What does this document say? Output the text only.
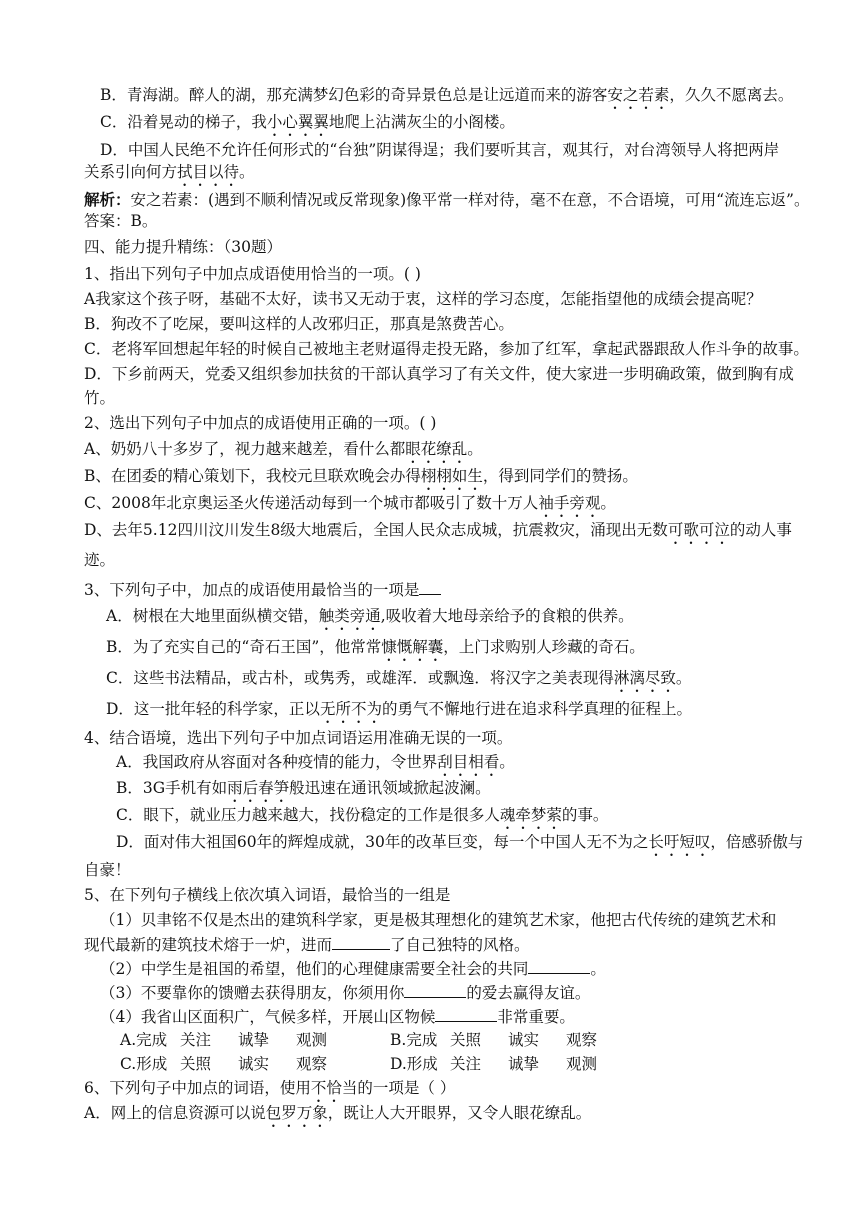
B．青海湖。醉人的湖，那充满梦幻色彩的奇异景色总是让远道而来的游客安之若素，久久不愿离去。
C．沿着晃动的梯子，我小心翼翼地爬上沾满灰尘的小阁楼。
D．中国人民绝不允许任何形式的“台独”阴谋得逞；我们要听其言，观其行，对台湾领导人将把两岸
关系引向何方拭目以待。
解析：安之若素：(遇到不顺利情况或反常现象)像平常一样对待，毫不在意，不合语境，可用“流连忘返”。
答案：B。
四、能力提升精练：（30题）
1、指出下列句子中加点成语使用恰当的一项。( )
A我家这个孩子呀，基础不太好，读书又无动于衷，这样的学习态度，怎能指望他的成绩会提高呢？
B．狗改不了吃屎，要叫这样的人改邪归正，那真是煞费苦心。
C．老将军回想起年轻的时候自己被地主老财逼得走投无路，参加了红军，拿起武器跟敌人作斗争的故事。
D．下乡前两天，党委又组织参加扶贫的干部认真学习了有关文件，使大家进一步明确政策，做到胸有成
竹。
2、选出下列句子中加点的成语使用正确的一项。( )
A、奶奶八十多岁了，视力越来越差，看什么都眼花缭乱。
B、在团委的精心策划下，我校元旦联欢晚会办得栩栩如生，得到同学们的赞扬。
C、2008年北京奥运圣火传递活动每到一个城市都吸引了数十万人袖手旁观。
D、去年5.12四川汶川发生8级大地震后，全国人民众志成城，抗震救灾，涌现出无数可歌可泣的动人事
迹。
3、下列句子中，加点的成语使用最恰当的一项是
A．树根在大地里面纵横交错，触类旁通,吸收着大地母亲给予的食粮的供养。
B．为了充实自己的“奇石王国”，他常常慷慨解囊，上门求购别人珍藏的奇石。
C．这些书法精品，或古朴，或隽秀，或雄浑．或飘逸．将汉字之美表现得淋漓尽致。
D．这一批年轻的科学家，正以无所不为的勇气不懈地行进在追求科学真理的征程上。
4、结合语境，选出下列句子中加点词语运用准确无误的一项。
A．我国政府从容面对各种疫情的能力，令世界刮目相看。
B．3G手机有如雨后春笋般迅速在通讯领域掀起波澜。
C．眼下，就业压力越来越大，找份稳定的工作是很多人魂牵梦萦的事。
D．面对伟大祖国60年的辉煌成就，30年的改革巨变，每一个中国人无不为之长吁短叹，倍感骄傲与
自豪！
5、在下列句子横线上依次填入词语，最恰当的一组是
（1）贝聿铭不仅是杰出的建筑科学家，更是极其理想化的建筑艺术家，他把古代传统的建筑艺术和
现代最新的建筑技术熔于一炉，进而	了自己独特的风格。
（2）中学生是祖国的希望，他们的心理健康需要全社会的共同	。
（3）不要靠你的馈赠去获得朋友，你须用你	的爱去赢得友谊。
（4）我省山区面积广，气候多样，开展山区物候	非常重要。
A.完成 关注 诚挚 观测	B.完成 关照 诚实 观察
C.形成 关照 诚实 观察	D.形成 关注 诚挚 观测
6、下列句子中加点的词语，使用不恰当的一项是（ ）
A．网上的信息资源可以说包罗万象，既让人大开眼界，又令人眼花缭乱。
